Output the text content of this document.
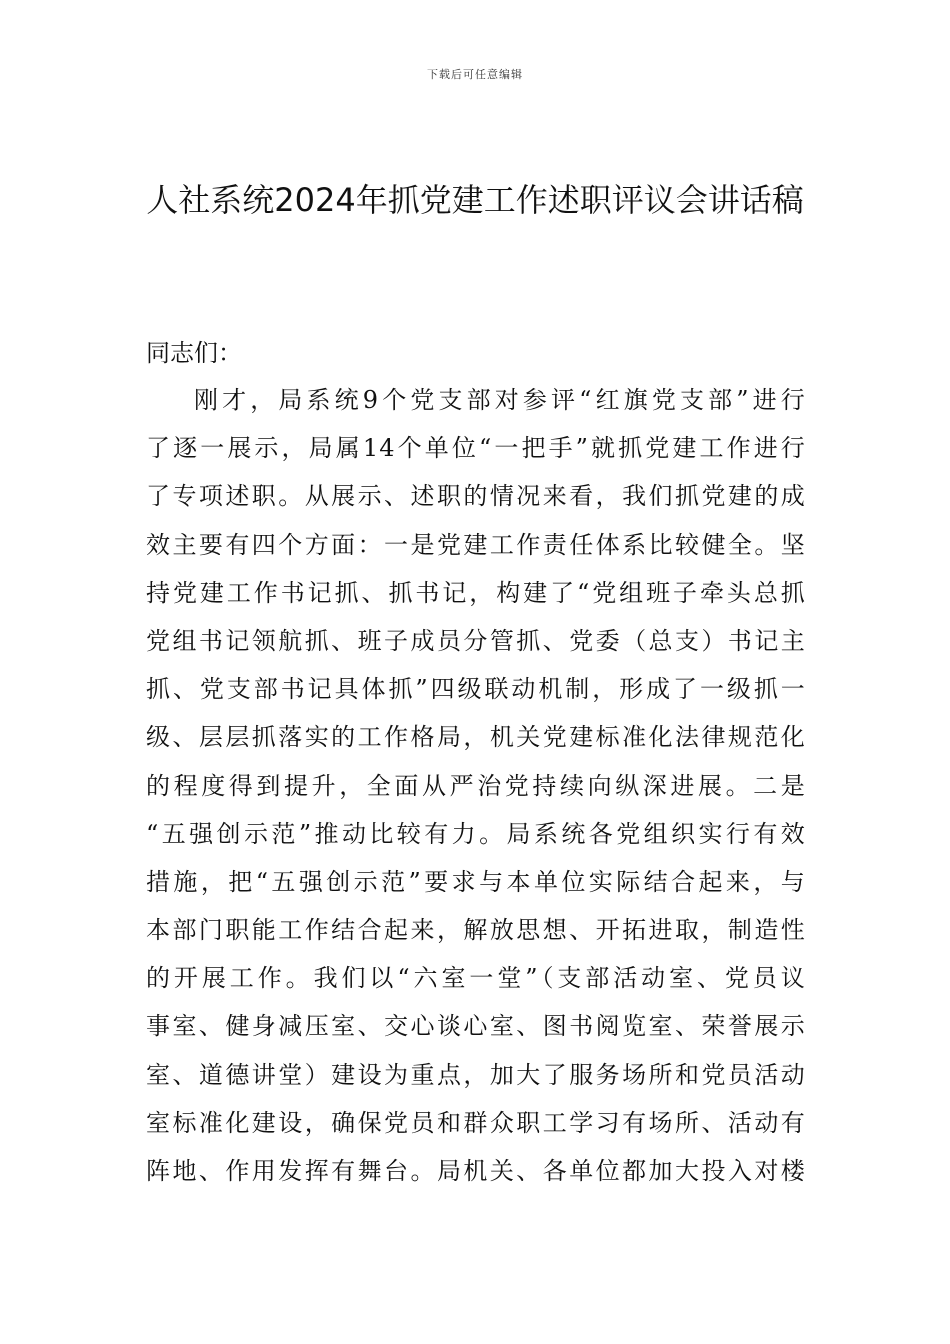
下载后可任意编辑
人社系统2024年抓党建工作述职评议会讲话稿
同志们：
刚才，局系统9个党支部对参评“红旗党支部”进行
了逐一展示，局属14个单位“一把手”就抓党建工作进行
了专项述职。从展示、述职的情况来看，我们抓党建的成
效主要有四个方面：一是党建工作责任体系比较健全。坚
持党建工作书记抓、抓书记，构建了“党组班子牵头总抓
党组书记领航抓、班子成员分管抓、党委（总支）书记主
抓、党支部书记具体抓”四级联动机制，形成了一级抓一
级、层层抓落实的工作格局，机关党建标准化法律规范化
的程度得到提升，全面从严治党持续向纵深进展。二是
“五强创示范”推动比较有力。局系统各党组织实行有效
措施，把“五强创示范”要求与本单位实际结合起来，与
本部门职能工作结合起来，解放思想、开拓进取，制造性
的开展工作。我们以“六室一堂”（支部活动室、党员议
事室、健身减压室、交心谈心室、图书阅览室、荣誉展示
室、道德讲堂）建设为重点，加大了服务场所和党员活动
室标准化建设，确保党员和群众职工学习有场所、活动有
阵地、作用发挥有舞台。局机关、各单位都加大投入对楼
